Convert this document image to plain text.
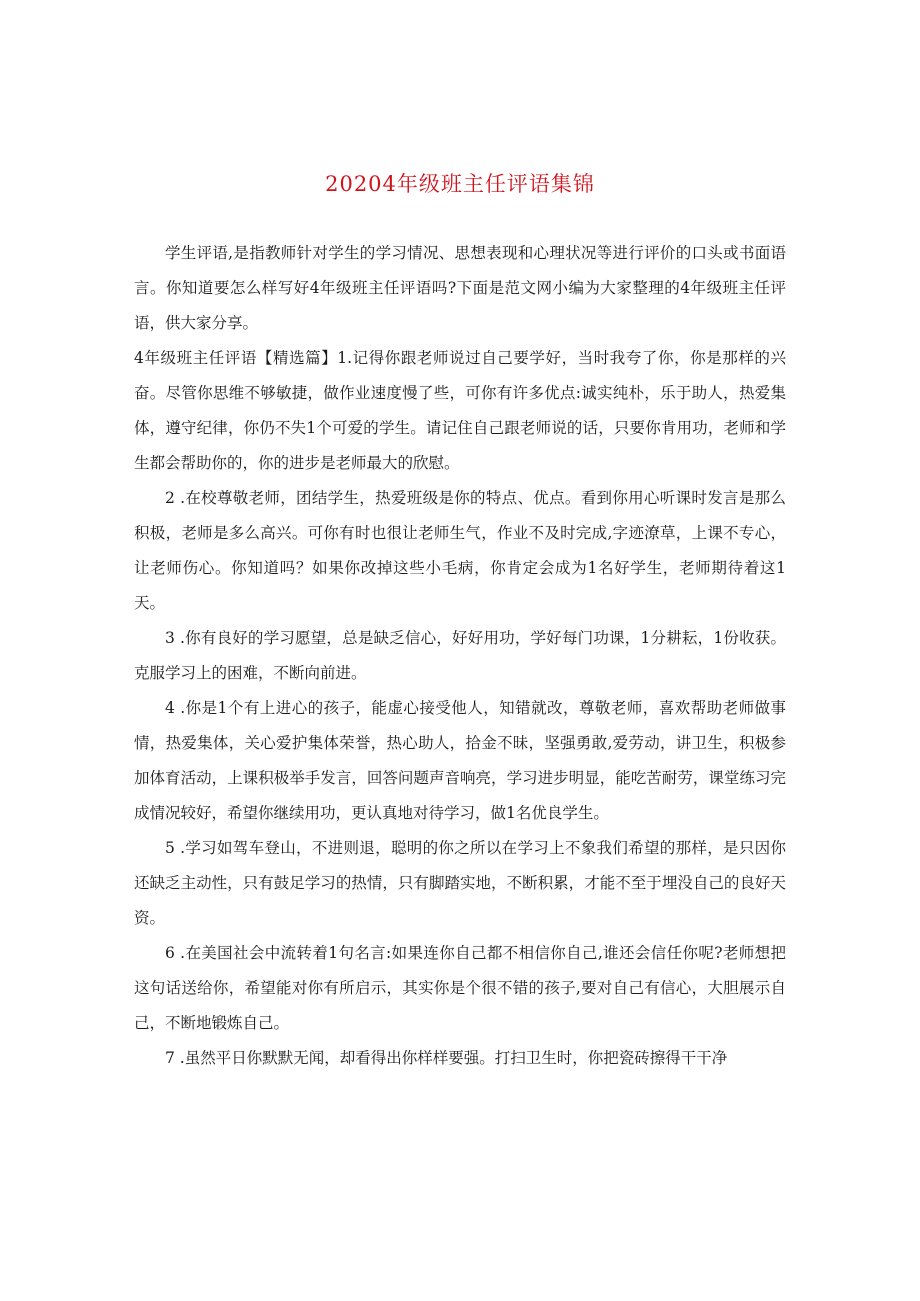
20204年级班主任评语集锦

学生评语,是指教师针对学生的学习情况、思想表现和心理状况等进行评价的口头或书面语言。你知道要怎么样写好4年级班主任评语吗?下面是范文网小编为大家整理的4年级班主任评语，供大家分享。

4年级班主任评语【精选篇】1.记得你跟老师说过自己要学好，当时我夸了你，你是那样的兴奋。尽管你思维不够敏捷，做作业速度慢了些，可你有许多优点:诚实纯朴，乐于助人，热爱集体，遵守纪律，你仍不失1个可爱的学生。请记住自己跟老师说的话，只要你肯用功，老师和学生都会帮助你的，你的进步是老师最大的欣慰。

2 .在校尊敬老师，团结学生，热爱班级是你的特点、优点。看到你用心听课时发言是那么积极，老师是多么高兴。可你有时也很让老师生气，作业不及时完成,字迹潦草，上课不专心，让老师伤心。你知道吗？如果你改掉这些小毛病，你肯定会成为1名好学生，老师期待着这1天。

3 .你有良好的学习愿望，总是缺乏信心，好好用功，学好每门功课，1分耕耘，1份收获。克服学习上的困难，不断向前进。

4 .你是1个有上进心的孩子，能虚心接受他人，知错就改，尊敬老师，喜欢帮助老师做事情，热爱集体，关心爱护集体荣誉，热心助人，拾金不昧，坚强勇敢,爱劳动，讲卫生，积极参加体育活动，上课积极举手发言，回答问题声音响亮，学习进步明显，能吃苦耐劳，课堂练习完成情况较好，希望你继续用功，更认真地对待学习，做1名优良学生。

5 .学习如驾车登山，不进则退，聪明的你之所以在学习上不象我们希望的那样，是只因你还缺乏主动性，只有鼓足学习的热情，只有脚踏实地，不断积累，才能不至于埋没自己的良好天资。

6 .在美国社会中流转着1句名言:如果连你自己都不相信你自己,谁还会信任你呢?老师想把这句话送给你，希望能对你有所启示，其实你是个很不错的孩子,要对自己有信心，大胆展示自己，不断地锻炼自己。

7 .虽然平日你默默无闻，却看得出你样样要强。打扫卫生时，你把瓷砖擦得干干净
